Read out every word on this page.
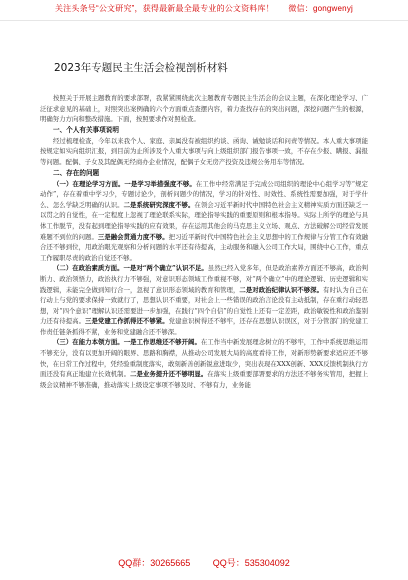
关注头条号“公文研究”，获得最新最全最专业的公文资料库！ 微信：gongwenyj
2023年专题民主生活会检视剖析材料

按照关于开展主题教育的要求部署，我紧紧围绕此次主题教育专题民主生活会的会议主题，在深化理论学习、广泛征求意见的基础上，对照突出案例确的六个方面重点查摆内容，着力查找存在的突出问题，深挖问题产生的根源，明确努力方向和整改措施。下面，按照要求作对照检查。

一、个人有关事项说明

经过梳理检查，今年以来我个人、家庭、亲属没有被组织约谈、函询、诫勉谈话和问责等情况。本人重大事项能按规定如实向组织汇报，到目前为止所涉及个人重大事项与向上级组织部门报告事项一致，不存在少报、瞒报、漏报等问题。配偶、子女及其配偶无经商办企业情况，配偶子女无房产投资及违规公务用车等情况。

二、存在的问题

（一）在理论学习方面。一是学习举措强度不够。在工作中经常满足于完成公司组织的理论中心组学习等“规定动作”，存在着重中学习少，专题讨论少，剖析问题少的情况，学习的针对性、时效性、系统性需要加强，对于学什么、怎么学缺乏明确的认识。二是系统研究深度不够。在领会习近平新时代中国特色社会主义精神实质方面还缺乏一以贯之的自觉性，在一定程度上忽视了理论联系实际，理论指导实践的重要原则和根本指导。实际上所学的理论与具体工作脱节，没有起到理论指导实践的应有效果，存在运用其他会的马克思主义立场、观点、方法破解公司经营发展难题不到位的问题。三是融会贯通力度不够。把习近平新时代中国特色社会主义思想中的工作规律与分管工作有效融合还不够到位，用政治眼光观察和分析问题的水平还有待提高，主动服务和融入公司工作大局，围绕中心工作，重点工作履职尽责的政治自觉还不够。

（二）在政治素质方面。一是对“两个确立”认识不足。虽然已经入党多年，但是政治素养方面还不够高，政治判断力、政治领悟力，政治执行力不够强，对意识形态领域工作重视不够，对“两个确立”中的理论逻辑、历史逻辑和实践逻辑，未能完全做到知行合一，忽视了意识形态领域的教育和管理，二是对政治纪律认识不够深。有时认为自己在行动上与党的要求保持一致就行了，思想认识不重要，对社会上一些错误的政治言论没有主动抵制，存在重行动轻思想，对“四个意识”理解认识还需要进一步加强，在践行“四个自信”的自觉性上还有一定差距，政治敏锐性和政治鉴别力还有待提高。三是党建工作抓得还不够紧。党建意识树得还不够牢，还存在思想认识误区，对于分管部门的党建工作责任链条抓得不紧，业务和党建融合还不够深。

（三）在能力本领方面。一是工作思维还不够开阔。在工作当中新发展理念树立的不够牢，工作中系统思维运用不够充分，没有以更加开阔的眼界、思路和胸襟，从推动公司发展大局的高度看待工作，对新形势新要求适应还不够快，在日常工作过程中，凭经验重制度落实，敢刻新善创新锐意进取少，突出表现在XXX创新、XXX反馈机制执行方面还没有真正地建立长效机制。二是业务提升还不够明显。在落实上级重要部署要求的方法还不够务实管用，把握上级会议精神不够准确，推动落实上级设定事项不够及时、不够有力，业务能

QQ群：30265665	QQ号：535304092
